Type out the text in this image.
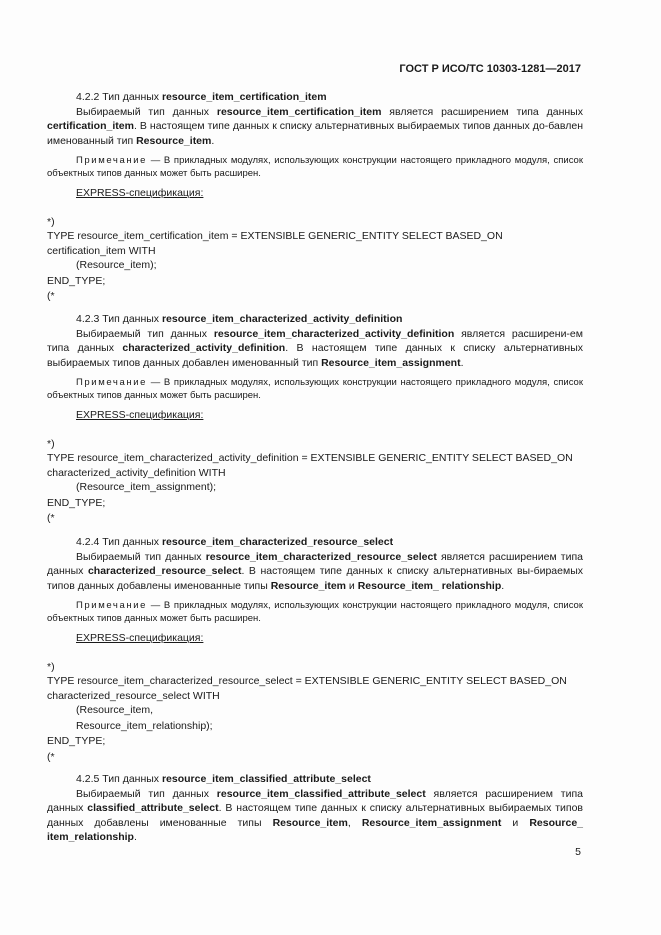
ГОСТ Р ИСО/ТС 10303-1281—2017

4.2.2 Тип данных resource_item_certification_item

Выбираемый тип данных resource_item_certification_item является расширением типа данных certification_item. В настоящем типе данных к списку альтернативных выбираемых типов данных до-бавлен именованный тип Resource_item.

Примечание — В прикладных модулях, использующих конструкции настоящего прикладного модуля, список объектных типов данных может быть расширен.

EXPRESS-спецификация:

*)

TYPE resource_item_certification_item = EXTENSIBLE GENERIC_ENTITY SELECT BASED_ON certification_item WITH

(Resource_item);

END_TYPE;

(*

4.2.3 Тип данных resource_item_characterized_activity_definition

Выбираемый тип данных resource_item_characterized_activity_definition является расширени-ем типа данных characterized_activity_definition. В настоящем типе данных к списку альтернативных выбираемых типов данных добавлен именованный тип Resource_item_assignment.

Примечание — В прикладных модулях, использующих конструкции настоящего прикладного модуля, список объектных типов данных может быть расширен.

EXPRESS-спецификация:

*)

TYPE resource_item_characterized_activity_definition = EXTENSIBLE GENERIC_ENTITY SELECT BASED_ON characterized_activity_definition WITH

(Resource_item_assignment);

END_TYPE;

(*

4.2.4 Тип данных resource_item_characterized_resource_select

Выбираемый тип данных resource_item_characterized_resource_select является расширением типа данных characterized_resource_select. В настоящем типе данных к списку альтернативных вы-бираемых типов данных добавлены именованные типы Resource_item и Resource_item_ relationship.

Примечание — В прикладных модулях, использующих конструкции настоящего прикладного модуля, список объектных типов данных может быть расширен.

EXPRESS-спецификация:

*)

TYPE resource_item_characterized_resource_select = EXTENSIBLE GENERIC_ENTITY SELECT BASED_ON characterized_resource_select WITH

(Resource_item,

Resource_item_relationship);

END_TYPE;

(*

4.2.5 Тип данных resource_item_classified_attribute_select

Выбираемый тип данных resource_item_classified_attribute_select является расширением типа данных classified_attribute_select. В настоящем типе данных к списку альтернативных выбираемых типов данных добавлены именованные типы Resource_item, Resource_item_assignment и Resource_ item_relationship.

5
